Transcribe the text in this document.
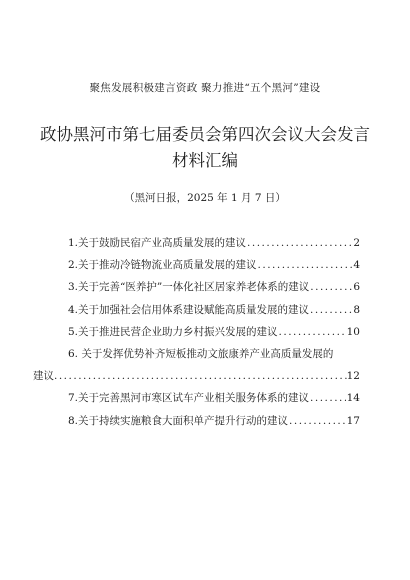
聚焦发展积极建言资政 聚力推进“五个黑河”建设
政协黑河市第七届委员会第四次会议大会发言
材料汇编
（黑河日报，2025 年 1 月 7 日）
1. 关于鼓励民宿产业高质量发展的建议 .....	2
2. 关于推动冷链物流业高质量发展的建议 .....	4
3. 关于完善“医养护”一体化社区居家养老体系的建议 .....	6
4. 关于加强社会信用体系建设赋能高质量发展的建议 .....	8
5. 关于推进民营企业助力乡村振兴发展的建议 .....	10
6. 关于发挥优势补齐短板推动文旅康养产业高质量发展的
建议 .....	12
7. 关于完善黑河市寒区试车产业相关服务体系的建议 .....	14
8. 关于持续实施粮食大面积单产提升行动的建议 .....	17
